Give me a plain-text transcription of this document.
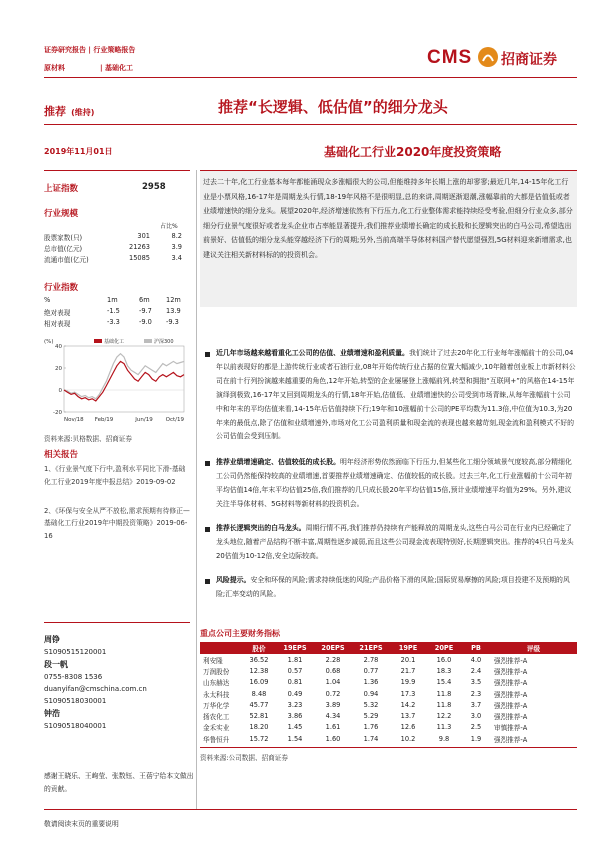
证券研究报告 | 行业策略报告
原材料	| 基础化工	CMS 招商证券
推荐 (维持)	推荐“长逻辑、低估值”的细分龙头
2019年11月01日	基础化工行业2020年度投资策略
上证指数	2958
行业规模
占比%
股票家数(只)	301	8.2
总市值(亿元)	21263	3.9
流通市值(亿元)	15085	3.4
行业指数
%	1m	6m 12m
绝对表现	-1.5	-9.7 13.9
相对表现	-3.3	-9.0 -9.3
(%)	基础化工	沪深300
40
20
0
-20
Nov/18 Feb/19	Jun/19 Oct/19
资料来源:贝格数据、招商证券
相关报告
1、《行业景气度下行中,盈利水平同比下滑-基础化工行业2019年度中报总结》2019-09-02
2、《环保与安全从严不放松,需求预期有待修正—基础化工行业2019年中期投资策略》2019-06-16
周铮
S1090515120001
段一帆
0755-8308 1536
duanyifan@cmschina.com.cn
S1090518030001
钟浩
S1090518040001
感谢王晓乐、王岣莹、张数钰、王蓓宁给本文做出的贡献。
过去二十年,化工行业基本每年都能涌现众多涨幅很大的公司,但能维持多年长期上涨的却寥寥;最近几年,14-15年化工行业是小票风格,16-17年是周期龙头行情,18-19年风格不是很明显,总的来讲,周期逐渐退潮,涨幅靠前的大都是估值低或者业绩增速快的细分龙头。展望2020年,经济增速依然有下行压力,化工行业整体需求能持续经受考验,但细分行业众多,部分细分行业景气度很好或者龙头企业市占率能显著提升,我们推荐业绩增长确定的成长股和长逻辑突出的白马公司,希望选出前景好、估值低的细分龙头能穿越经济下行的周期;另外,当前高端半导体材料国产替代愿望强烈,5G材料迎来新增需求,也建议关注相关新材料标的的投资机会。
近几年市场越来越看重化工公司的估值、业绩增速和盈利质量。我们统计了过去20年化工行业每年涨幅前十的公司,04年以前表现好的都是上游传统行业或者石油行业,08年开始传统行业占据的位置大幅减少,10年随着创业板上市新材料公司在前十行列扮演越来越重要的角色,12年开始,转型的企业屡屡登上涨幅前列,转型和拥抱“互联网+”的风格在14-15年演绎到极致,16-17年又回到周期龙头的行情,18年开始,估值低、业绩增速快的公司受到市场青睐,从每年涨幅前十公司中和年末的平均估值来看,14-15年后估值持续下行;19年和10涨幅前十公司的PE平均数为11.3倍,中位值为10.3,为20年来的最低点,除了估值和业绩增速外,市场对化工公司盈利质量和现金流的表现也越来越苛刻,现金流和盈利模式不好的公司估值会受到压制。
推荐业绩增速确定、估值较低的成长股。明年经济形势依然面临下行压力,但某些化工细分领域景气度较高,部分精细化工公司仍然能保持较高的业绩增速,首要推荐业绩增速确定、估值较低的成长股。过去三年,化工行业涨幅前十公司年初平均估值14倍,年末平均估值25倍,我们推荐的几只成长股20年平均估值15倍,预计业绩增速平均值为29%。另外,建议关注半导体材料、5G材料等新材料的投资机会。
推荐长逻辑突出的白马龙头。周期行情不再,我们推荐仍持续有产能释放的周期龙头,这些白马公司在行业内已经确定了龙头地位,随着产品结构不断丰富,周期性逐步减弱,而且这些公司现金流表现特别好,长期逻辑突出。推荐的4只白马龙头20估值为10-12倍,安全边际较高。
风险提示。安全和环保的风险;需求持续低迷的风险;产品价格下滑的风险;国际贸易摩擦的风险;项目投建不及预期的风险;汇率变动的风险。
重点公司主要财务指标
	股价	19EPS	20EPS	21EPS	19PE	20PE	PB	评级
利安隆	36.52	1.81	2.28	2.78	20.1	16.0	4.0	强烈推荐-A
万润股份	12.38	0.57	0.68	0.77	21.7	18.3	2.4	强烈推荐-A
山东赫达	16.09	0.81	1.04	1.36	19.9	15.4	3.5	强烈推荐-A
永太科技	8.48	0.49	0.72	0.94	17.3	11.8	2.3	强烈推荐-A
万华化学	45.77	3.23	3.89	5.32	14.2	11.8	3.7	强烈推荐-A
扬农化工	52.81	3.86	4.34	5.29	13.7	12.2	3.0	强烈推荐-A
金禾实业	18.20	1.45	1.61	1.76	12.6	11.3	2.5	审慎推荐-A
华鲁恒升	15.72	1.54	1.60	1.74	10.2	9.8	1.9	强烈推荐-A
资料来源:公司数据、招商证券
敬请阅读末页的重要说明
